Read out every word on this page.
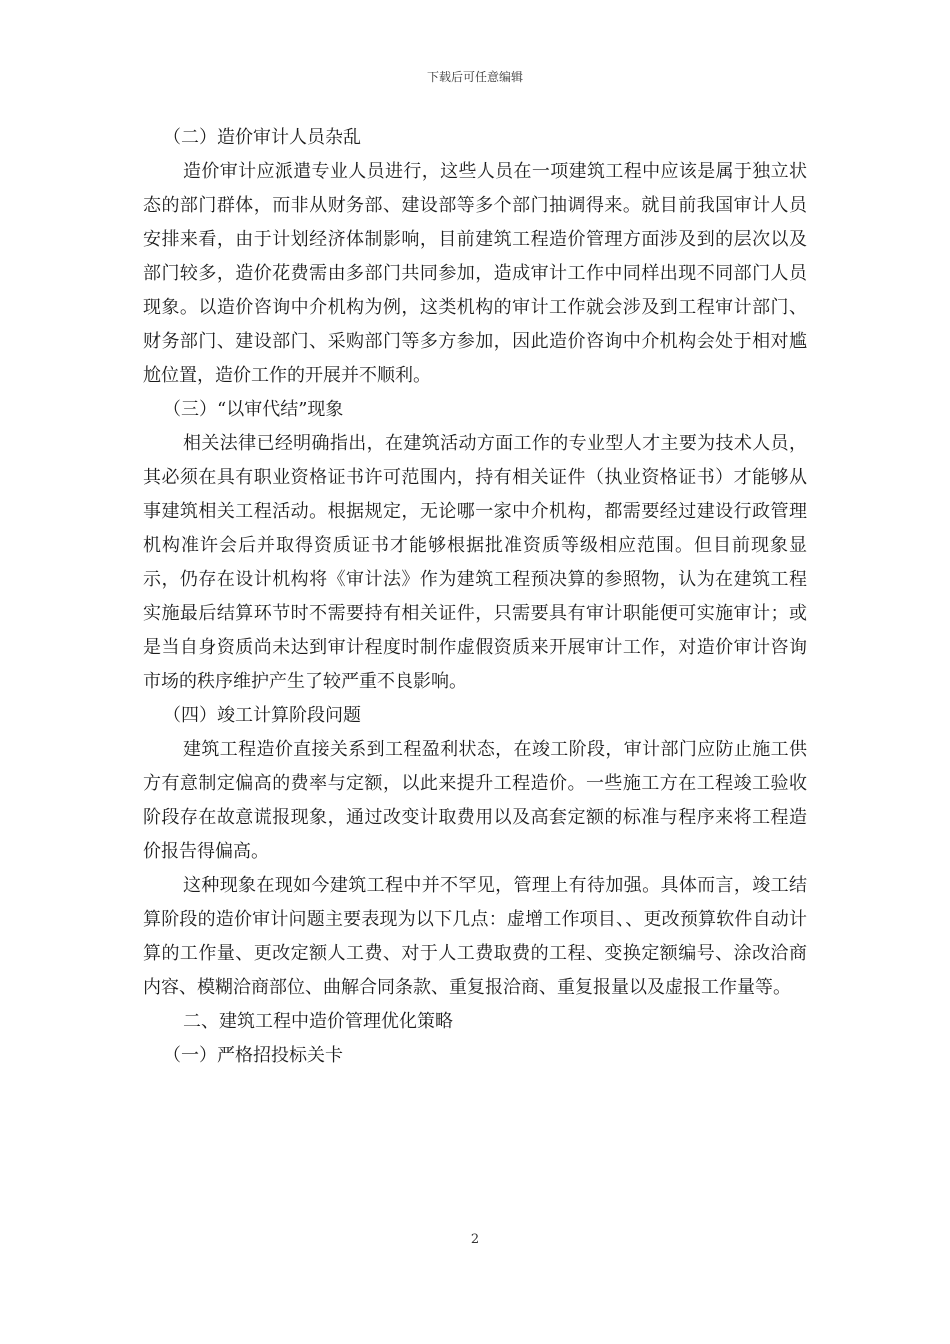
下载后可任意编辑

（二）造价审计人员杂乱

造价审计应派遣专业人员进行，这些人员在一项建筑工程中应该是属于独立状态的部门群体，而非从财务部、建设部等多个部门抽调得来。就目前我国审计人员安排来看，由于计划经济体制影响，目前建筑工程造价管理方面涉及到的层次以及部门较多，造价花费需由多部门共同参加，造成审计工作中同样出现不同部门人员现象。以造价咨询中介机构为例，这类机构的审计工作就会涉及到工程审计部门、财务部门、建设部门、采购部门等多方参加，因此造价咨询中介机构会处于相对尴尬位置，造价工作的开展并不顺利。

（三）“以审代结”现象

相关法律已经明确指出，在建筑活动方面工作的专业型人才主要为技术人员，其必须在具有职业资格证书许可范围内，持有相关证件（执业资格证书）才能够从事建筑相关工程活动。根据规定，无论哪一家中介机构，都需要经过建设行政管理机构准许会后并取得资质证书才能够根据批准资质等级相应范围。但目前现象显示，仍存在设计机构将《审计法》作为建筑工程预决算的参照物，认为在建筑工程实施最后结算环节时不需要持有相关证件，只需要具有审计职能便可实施审计；或是当自身资质尚未达到审计程度时制作虚假资质来开展审计工作，对造价审计咨询市场的秩序维护产生了较严重不良影响。

（四）竣工计算阶段问题

建筑工程造价直接关系到工程盈利状态，在竣工阶段，审计部门应防止施工供方有意制定偏高的费率与定额，以此来提升工程造价。一些施工方在工程竣工验收阶段存在故意谎报现象，通过改变计取费用以及高套定额的标准与程序来将工程造价报告得偏高。

这种现象在现如今建筑工程中并不罕见，管理上有待加强。具体而言，竣工结算阶段的造价审计问题主要表现为以下几点：虚增工作项目、、更改预算软件自动计算的工作量、更改定额人工费、对于人工费取费的工程、变换定额编号、涂改洽商内容、模糊洽商部位、曲解合同条款、重复报洽商、重复报量以及虚报工作量等。

二、建筑工程中造价管理优化策略

（一）严格招投标关卡

2
